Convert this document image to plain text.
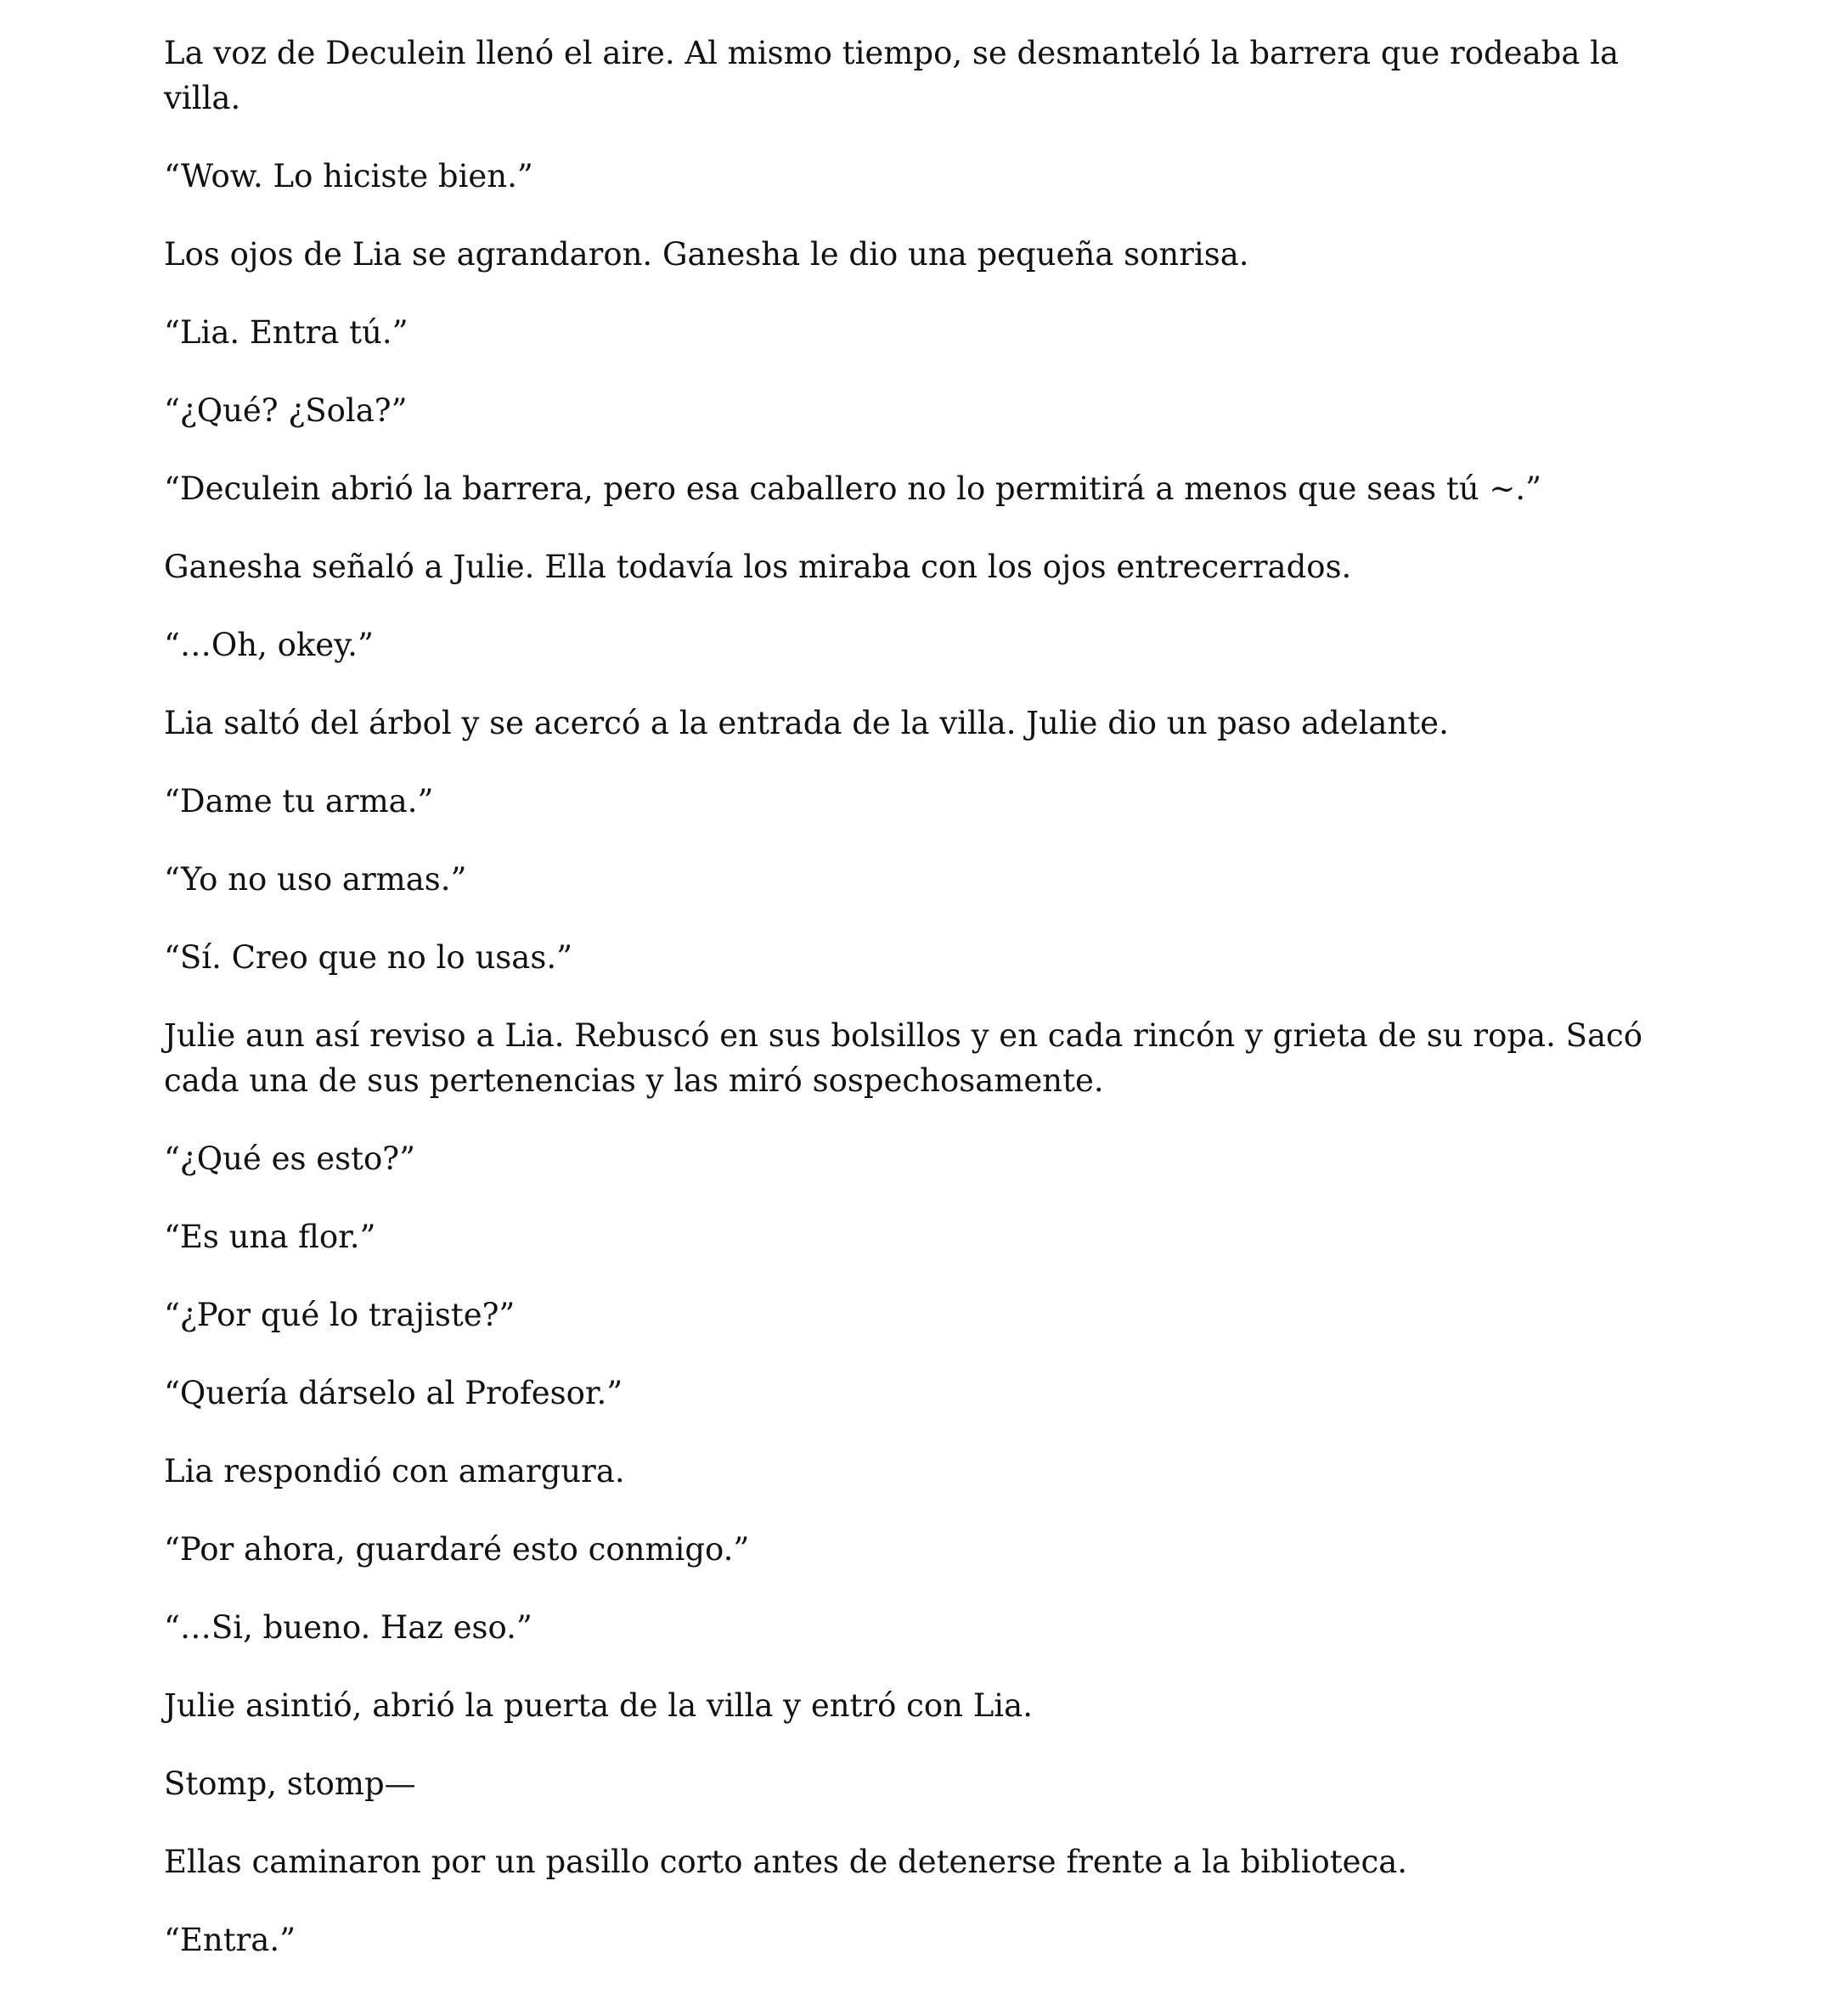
La voz de Deculein llenó el aire. Al mismo tiempo, se desmanteló la barrera que rodeaba la villa.

“Wow. Lo hiciste bien.”

Los ojos de Lia se agrandaron. Ganesha le dio una pequeña sonrisa.

“Lia. Entra tú.”

“¿Qué? ¿Sola?”

“Deculein abrió la barrera, pero esa caballero no lo permitirá a menos que seas tú ~.”

Ganesha señaló a Julie. Ella todavía los miraba con los ojos entrecerrados.

“…Oh, okey.”

Lia saltó del árbol y se acercó a la entrada de la villa. Julie dio un paso adelante.

“Dame tu arma.”

“Yo no uso armas.”

“Sí. Creo que no lo usas.”

Julie aun así reviso a Lia. Rebuscó en sus bolsillos y en cada rincón y grieta de su ropa. Sacó cada una de sus pertenencias y las miró sospechosamente.

“¿Qué es esto?”

“Es una flor.”

“¿Por qué lo trajiste?”

“Quería dárselo al Profesor.”

Lia respondió con amargura.

“Por ahora, guardaré esto conmigo.”

“…Si, bueno. Haz eso.”

Julie asintió, abrió la puerta de la villa y entró con Lia.

Stomp, stomp—

Ellas caminaron por un pasillo corto antes de detenerse frente a la biblioteca.

“Entra.”
